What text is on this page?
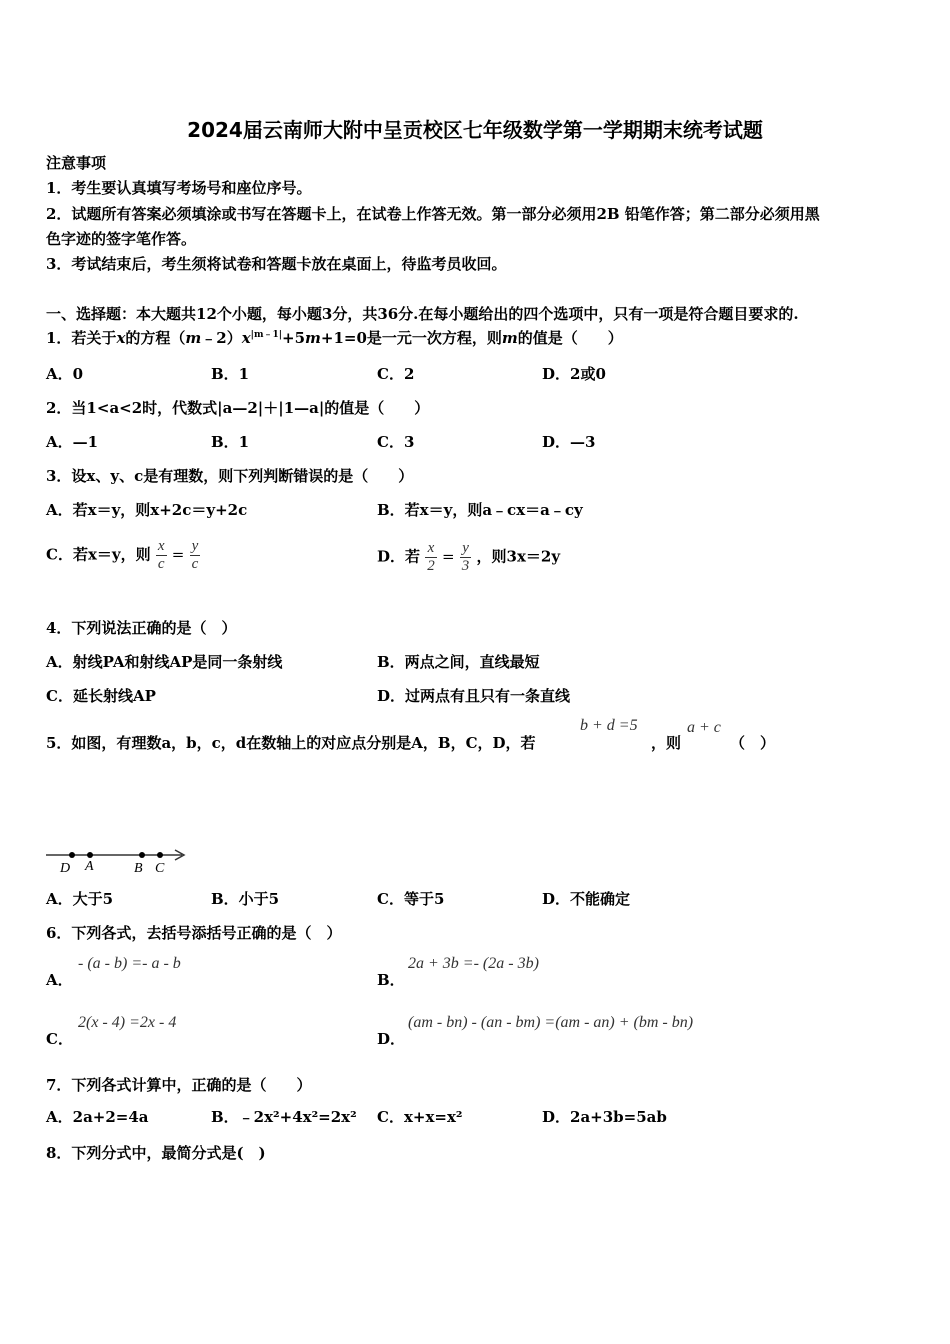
2024届云南师大附中呈贡校区七年级数学第一学期期末统考试题
注意事项
1．考生要认真填写考场号和座位序号。
2．试题所有答案必须填涂或书写在答题卡上，在试卷上作答无效。第一部分必须用2B 铅笔作答；第二部分必须用黑
色字迹的签字笔作答。
3．考试结束后，考生须将试卷和答题卡放在桌面上，待监考员收回。
一、选择题：本大题共12个小题，每小题3分，共36分.在每小题给出的四个选项中，只有一项是符合题目要求的.
1．若关于x的方程$(m﹣2)x^{|m﹣1|}+5m+1=0$是一元一次方程，则m的值是（　　）
A．0	B．1	C．2	D．2或0
2．当1<a<2时，代数式|a—2|＋|1—a|的值是（　　）
A．—1	B．1	C．3	D．—3
3．设x、y、c是有理数，则下列判断错误的是（　　）
A．若x＝y，则x+2c＝y+2c	B．若x＝y，则a﹣cx＝a﹣cy
C．若x＝y，则 $\frac{x}{c} = \frac{y}{c}$	D．若 $\frac{x}{2} = \frac{y}{3}$ ，则3x＝2y
4．下列说法正确的是（　）
A．射线PA和射线AP是同一条射线	B．两点之间，直线最短
C．延长射线AP	D．过两点有且只有一条直线
5．如图，有理数a，b，c，d在数轴上的对应点分别是A，B，C，D，若
b + d =5
，则
a + c
（　）
D A	B C
A．大于5	B．小于5	C．等于5	D．不能确定
6．下列各式，去括号添括号正确的是（　）
A．
- (a - b) =- a - b
B．
2a + 3b =- (2a - 3b)
C．
2(x - 4) =2x - 4
D．
(am - bn) - (an - bm) =(am - an) + (bm - bn)
7．下列各式计算中，正确的是（　　）
A．2a+2=4a	B．﹣2x²+4x²=2x² C．x+x=x²	D．2a+3b=5ab
8．下列分式中，最简分式是(　)
